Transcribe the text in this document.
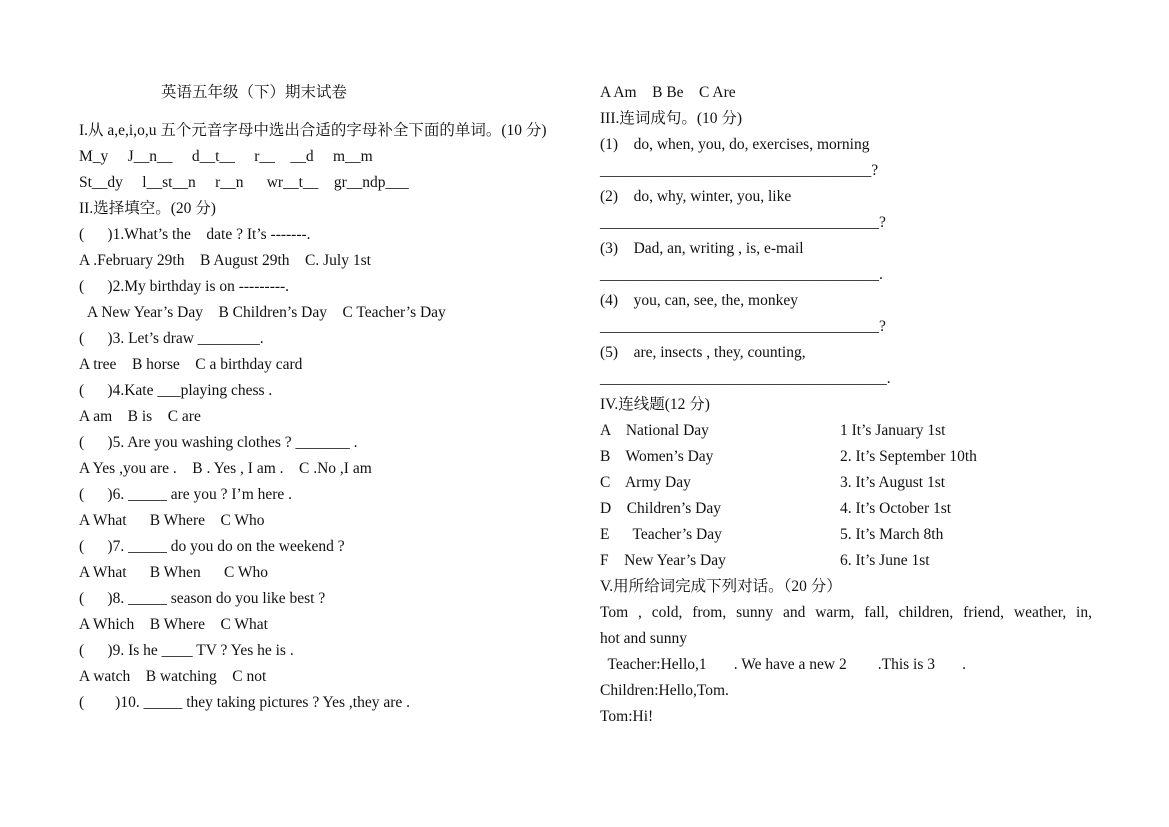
英语五年级（下）期末试卷
I.从 a,e,i,o,u 五个元音字母中选出合适的字母补全下面的单词。(10 分)
M_y     J__n__     d__t__     r__    __d     m__m
St__dy     l__st__n     r__n      wr__t__    gr__ndp___
II.选择填空。(20 分)
(      )1.What’s the    date ? It’s -------.
A .February 29th    B August 29th    C. July 1st
(      )2.My birthday is on ---------.
A New Year’s Day    B Children’s Day    C Teacher’s Day
(      )3. Let’s draw ________.
A tree    B horse    C a birthday card
(      )4.Kate ___playing chess .
A am    B is    C are
(      )5. Are you washing clothes ? _______ .
A Yes ,you are .    B . Yes , I am .    C .No ,I am
(      )6. _____ are you ? I’m here .
A What      B Where    C Who
(      )7. _____ do you do on the weekend ?
A What      B When      C Who
(      )8. _____ season do you like best ?
A Which    B Where    C What
(      )9. Is he ____ TV ? Yes he is .
A watch    B watching    C not
(        )10. _____ they taking pictures ? Yes ,they are .
A Am    B Be    C Are
III.连词成句。(10 分)
(1)    do, when, you, do, exercises, morning
___________________________________?
(2)    do, why, winter, you, like
____________________________________?
(3)    Dad, an, writing , is, e-mail
____________________________________.
(4)    you, can, see, the, monkey
____________________________________?
(5)    are, insects , they, counting,
_____________________________________.
IV.连线题(12 分)
A    National Day	1 It’s January 1st
B    Women’s Day	2. It’s September 10th
C    Army Day	3. It’s August 1st
D    Children’s Day	4. It’s October 1st
E      Teacher’s Day	5. It’s March 8th
F    New Year’s Day	6. It’s June 1st
V.用所给词完成下列对话。（20 分）
Tom , cold, from, sunny and warm, fall, children, friend, weather, in,
hot and sunny
Teacher:Hello,1       . We have a new 2        .This is 3       .
Children:Hello,Tom.
Tom:Hi!
